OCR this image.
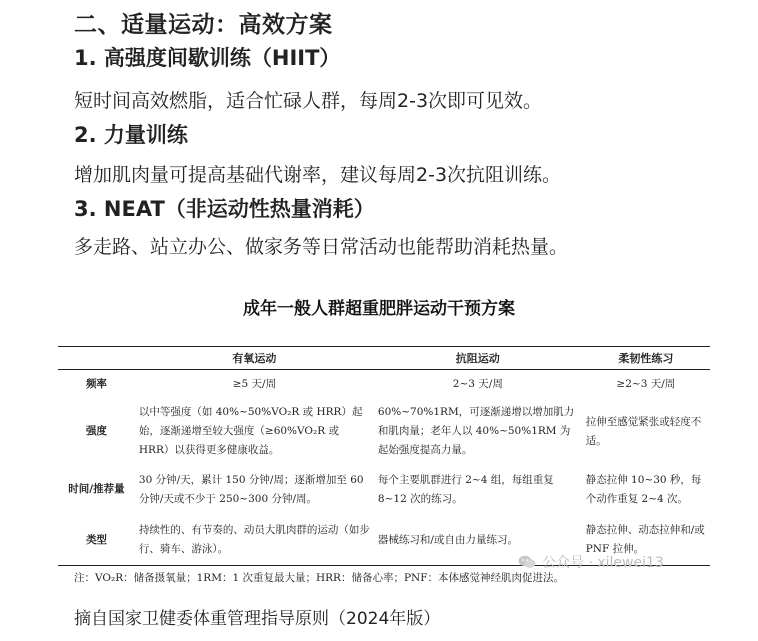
二、适量运动：高效方案
1. 高强度间歇训练（HIIT）
短时间高效燃脂，适合忙碌人群，每周2-3次即可见效。
2. 力量训练
增加肌肉量可提高基础代谢率，建议每周2-3次抗阻训练。
3. NEAT（非运动性热量消耗）
多走路、站立办公、做家务等日常活动也能帮助消耗热量。
成年一般人群超重肥胖运动干预方案
	有氧运动	抗阻运动	柔韧性练习
频率	≥5 天/周	2~3 天/周	≥2~3 天/周
强度	以中等强度（如 40%~50%VO₂R 或 HRR）起始，逐渐递增至较大强度（≥60%VO₂R 或 HRR）以获得更多健康收益。	60%~70%1RM，可逐渐递增以增加肌力和肌肉量；老年人以 40%~50%1RM 为起始强度提高力量。	拉伸至感觉紧张或轻度不适。
时间/推荐量	30 分钟/天，累计 150 分钟/周；逐渐增加至 60 分钟/天或不少于 250~300 分钟/周。	每个主要肌群进行 2~4 组，每组重复 8~12 次的练习。	静态拉伸 10~30 秒，每个动作重复 2~4 次。
类型	持续性的、有节奏的、动员大肌肉群的运动（如步行、骑车、游泳）。	器械练习和/或自由力量练习。	静态拉伸、动态拉伸和/或 PNF 拉伸。
注：VO₂R：储备摄氧量；1RM：1 次重复最大量；HRR：储备心率；PNF：本体感觉神经肌肉促进法。
公众号 · xilewei13
摘自国家卫健委体重管理指导原则（2024年版）
